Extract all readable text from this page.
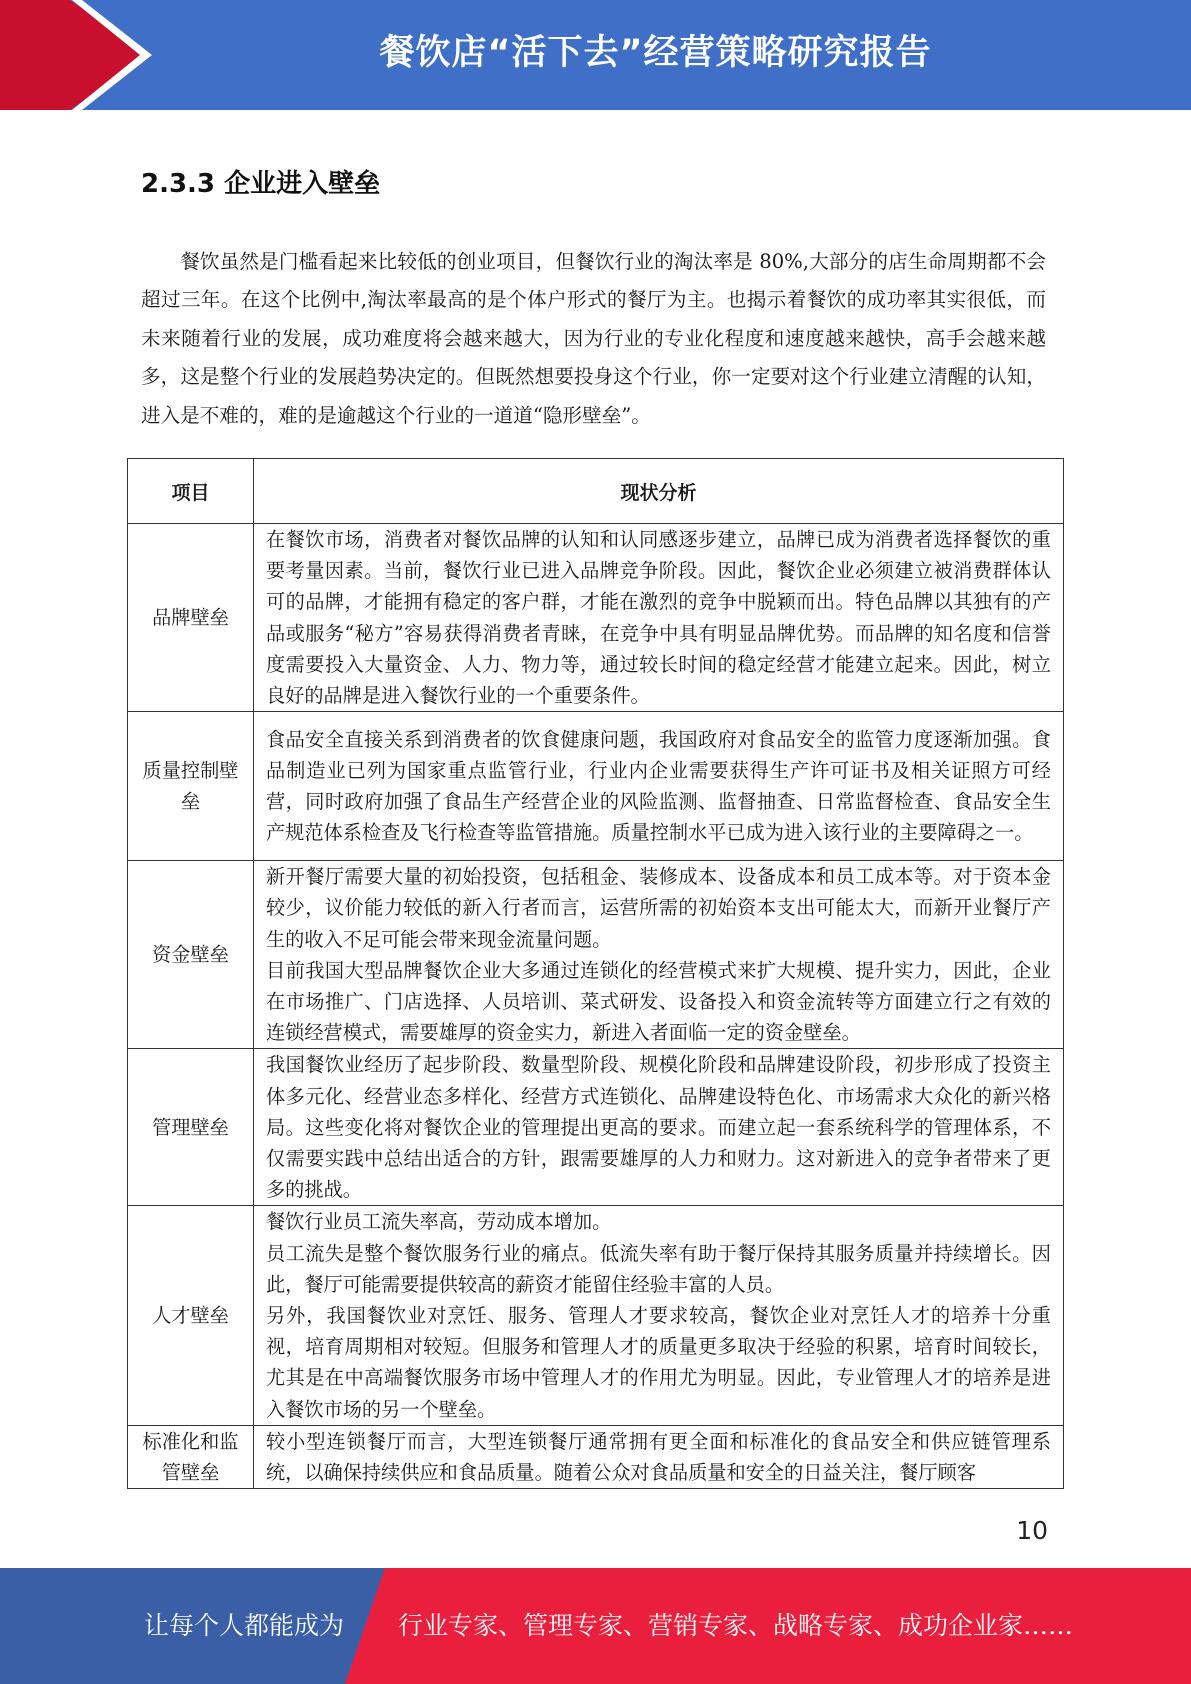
餐饮店“活下去”经营策略研究报告
2.3.3 企业进入壁垒
餐饮虽然是门槛看起来比较低的创业项目，但餐饮行业的淘汰率是 80%,大部分的店生命周期都不会超过三年。在这个比例中,淘汰率最高的是个体户形式的餐厅为主。也揭示着餐饮的成功率其实很低，而未来随着行业的发展，成功难度将会越来越大，因为行业的专业化程度和速度越来越快，高手会越来越多，这是整个行业的发展趋势决定的。但既然想要投身这个行业，你一定要对这个行业建立清醒的认知，进入是不难的，难的是逾越这个行业的一道道“隐形壁垒”。
项目	现状分析
品牌壁垒	在餐饮市场，消费者对餐饮品牌的认知和认同感逐步建立，品牌已成为消费者选择餐饮的重要考量因素。当前，餐饮行业已进入品牌竞争阶段。因此，餐饮企业必须建立被消费群体认可的品牌，才能拥有稳定的客户群，才能在激烈的竞争中脱颖而出。特色品牌以其独有的产品或服务“秘方”容易获得消费者青睐，在竞争中具有明显品牌优势。而品牌的知名度和信誉度需要投入大量资金、人力、物力等，通过较长时间的稳定经营才能建立起来。因此，树立良好的品牌是进入餐饮行业的一个重要条件。

质量控制壁垒	食品安全直接关系到消费者的饮食健康问题，我国政府对食品安全的监管力度逐渐加强。食品制造业已列为国家重点监管行业，行业内企业需要获得生产许可证书及相关证照方可经营，同时政府加强了食品生产经营企业的风险监测、监督抽查、日常监督检查、食品安全生产规范体系检查及飞行检查等监管措施。质量控制水平已成为进入该行业的主要障碍之一。

资金壁垒	新开餐厅需要大量的初始投资，包括租金、装修成本、设备成本和员工成本等。对于资本金较少，议价能力较低的新入行者而言，运营所需的初始资本支出可能太大，而新开业餐厅产生的收入不足可能会带来现金流量问题。
目前我国大型品牌餐饮企业大多通过连锁化的经营模式来扩大规模、提升实力，因此，企业在市场推广、门店选择、人员培训、菜式研发、设备投入和资金流转等方面建立行之有效的连锁经营模式，需要雄厚的资金实力，新进入者面临一定的资金壁垒。

管理壁垒	我国餐饮业经历了起步阶段、数量型阶段、规模化阶段和品牌建设阶段，初步形成了投资主体多元化、经营业态多样化、经营方式连锁化、品牌建设特色化、市场需求大众化的新兴格局。这些变化将对餐饮企业的管理提出更高的要求。而建立起一套系统科学的管理体系，不仅需要实践中总结出适合的方针，跟需要雄厚的人力和财力。这对新进入的竞争者带来了更多的挑战。

人才壁垒	餐饮行业员工流失率高，劳动成本增加。
员工流失是整个餐饮服务行业的痛点。低流失率有助于餐厅保持其服务质量并持续增长。因此，餐厅可能需要提供较高的薪资才能留住经验丰富的人员。
另外，我国餐饮业对烹饪、服务、管理人才要求较高，餐饮企业对烹饪人才的培养十分重视，培育周期相对较短。但服务和管理人才的质量更多取决于经验的积累，培育时间较长，尤其是在中高端餐饮服务市场中管理人才的作用尤为明显。因此，专业管理人才的培养是进入餐饮市场的另一个壁垒。

标准化和监管壁垒	较小型连锁餐厅而言，大型连锁餐厅通常拥有更全面和标准化的食品安全和供应链管理系统，以确保持续供应和食品质量。随着公众对食品质量和安全的日益关注，餐厅顾客
10
让每个人都能成为 行业专家、管理专家、营销专家、战略专家、成功企业家……
